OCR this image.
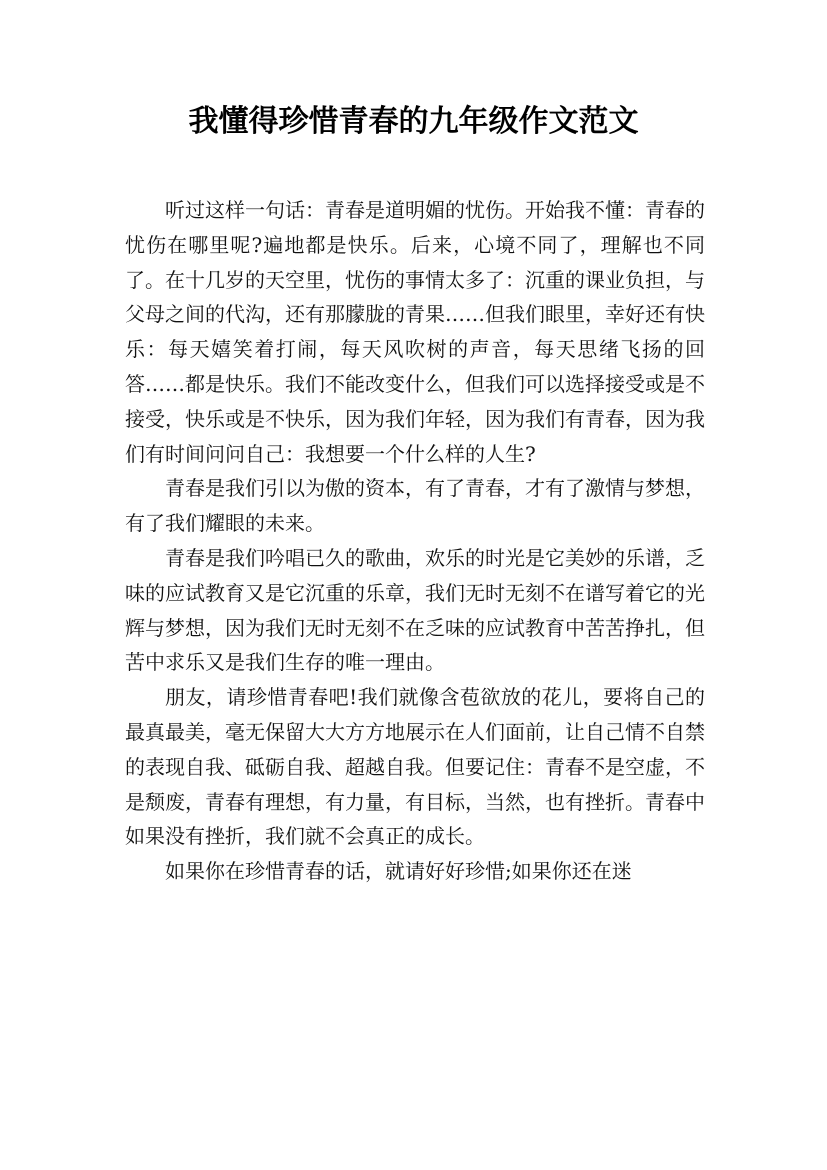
我懂得珍惜青春的九年级作文范文

听过这样一句话：青春是道明媚的忧伤。开始我不懂：青春的忧伤在哪里呢?遍地都是快乐。后来，心境不同了，理解也不同了。在十几岁的天空里，忧伤的事情太多了：沉重的课业负担，与父母之间的代沟，还有那朦胧的青果……但我们眼里，幸好还有快乐：每天嬉笑着打闹，每天风吹树的声音，每天思绪飞扬的回答……都是快乐。我们不能改变什么，但我们可以选择接受或是不接受，快乐或是不快乐，因为我们年轻，因为我们有青春，因为我们有时间问问自己：我想要一个什么样的人生?

青春是我们引以为傲的资本，有了青春，才有了激情与梦想，有了我们耀眼的未来。

青春是我们吟唱已久的歌曲，欢乐的时光是它美妙的乐谱，乏味的应试教育又是它沉重的乐章，我们无时无刻不在谱写着它的光辉与梦想，因为我们无时无刻不在乏味的应试教育中苦苦挣扎，但苦中求乐又是我们生存的唯一理由。

朋友，请珍惜青春吧!我们就像含苞欲放的花儿，要将自己的最真最美，毫无保留大大方方地展示在人们面前，让自己情不自禁的表现自我、砥砺自我、超越自我。但要记住：青春不是空虚，不是颓废，青春有理想，有力量，有目标，当然，也有挫折。青春中如果没有挫折，我们就不会真正的成长。

如果你在珍惜青春的话，就请好好珍惜;如果你还在迷
